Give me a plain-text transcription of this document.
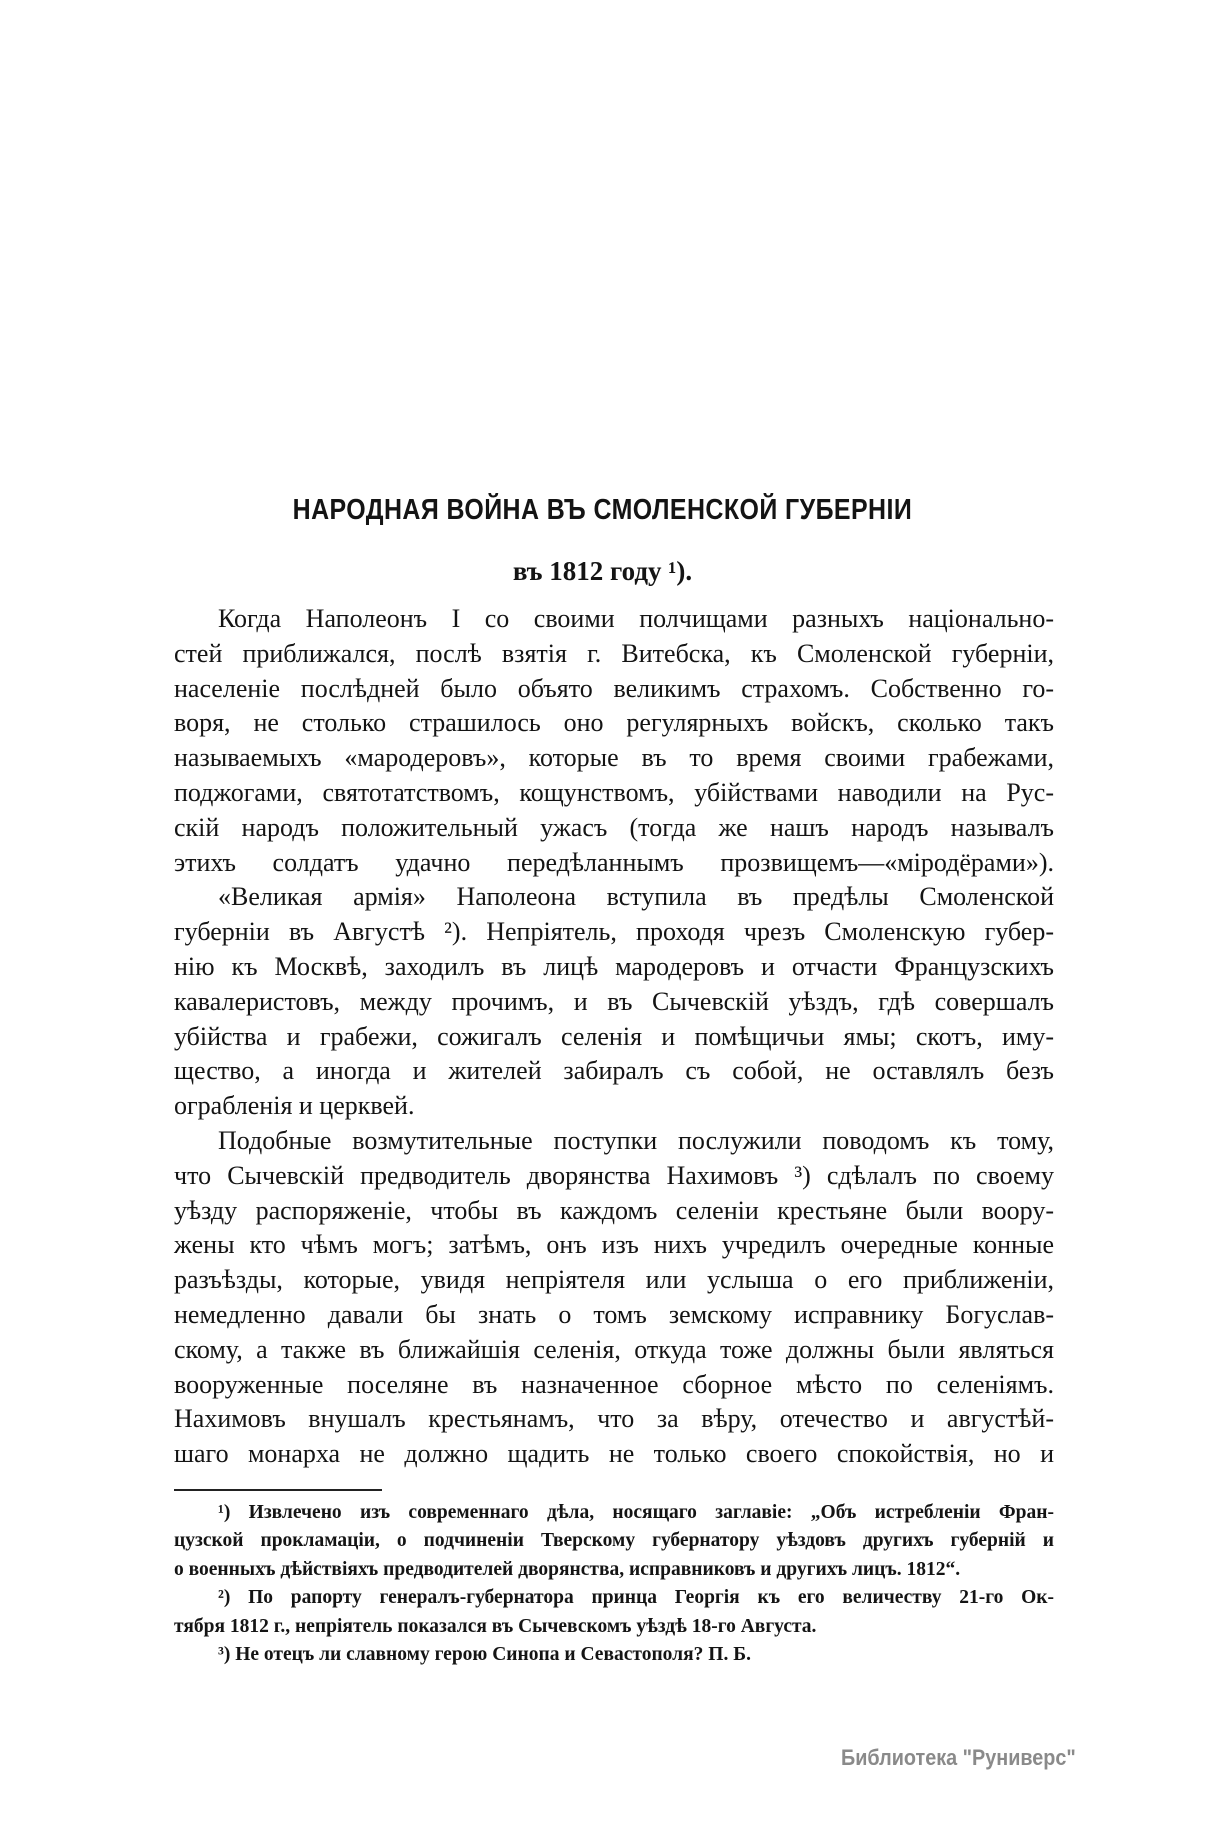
НАРОДНАЯ ВОЙНА ВЪ СМОЛЕНСКОЙ ГУБЕРНІИ
въ 1812 году ¹).
Когда Наполеонъ I со своими полчищами разныхъ національно-
стей приближался, послѣ взятія г. Витебска, къ Смоленской губерніи,
населеніе послѣдней было объято великимъ страхомъ. Собственно го-
воря, не столько страшилось оно регулярныхъ войскъ, сколько такъ
называемыхъ «мародеровъ», которые въ то время своими грабежами,
поджогами, святотатствомъ, кощунствомъ, убійствами наводили на Рус-
скій народъ положительный ужасъ (тогда же нашъ народъ называлъ
этихъ солдатъ удачно передѣланнымъ прозвищемъ—«міродёрами»).
«Великая армія» Наполеона вступила въ предѣлы Смоленской
губерніи въ Августѣ ²). Непріятель, проходя чрезъ Смоленскую губер-
нію къ Москвѣ, заходилъ въ лицѣ мародеровъ и отчасти Французскихъ
кавалеристовъ, между прочимъ, и въ Сычевскій уѣздъ, гдѣ совершалъ
убійства и грабежи, сожигалъ селенія и помѣщичьи ямы; скотъ, иму-
щество, а иногда и жителей забиралъ съ собой, не оставлялъ безъ
ограбленія и церквей.
Подобные возмутительные поступки послужили поводомъ къ тому,
что Сычевскій предводитель дворянства Нахимовъ ³) сдѣлалъ по своему
уѣзду распоряженіе, чтобы въ каждомъ селеніи крестьяне были воору-
жены кто чѣмъ могъ; затѣмъ, онъ изъ нихъ учредилъ очередные конные
разъѣзды, которые, увидя непріятеля или услыша о его приближеніи,
немедленно давали бы знать о томъ земскому исправнику Богуслав-
скому, а также въ ближайшія селенія, откуда тоже должны были являться
вооруженные поселяне въ назначенное сборное мѣсто по селеніямъ.
Нахимовъ внушалъ крестьянамъ, что за вѣру, отечество и августѣй-
шаго монарха не должно щадить не только своего спокойствія, но и
¹) Извлечено изъ современнаго дѣла, носящаго заглавіе: „Объ истребленіи Фран-
цузской прокламаціи, о подчиненіи Тверскому губернатору уѣздовъ другихъ губерній и
о военныхъ дѣйствіяхъ предводителей дворянства, исправниковъ и другихъ лицъ. 1812“.
²) По рапорту генералъ-губернатора принца Георгія къ его величеству 21-го Ок-
тября 1812 г., непріятель показался въ Сычевскомъ уѣздѣ 18-го Августа.
³) Не отецъ ли славному герою Синопа и Севастополя? П. Б.
Библиотека "Руниверс"
